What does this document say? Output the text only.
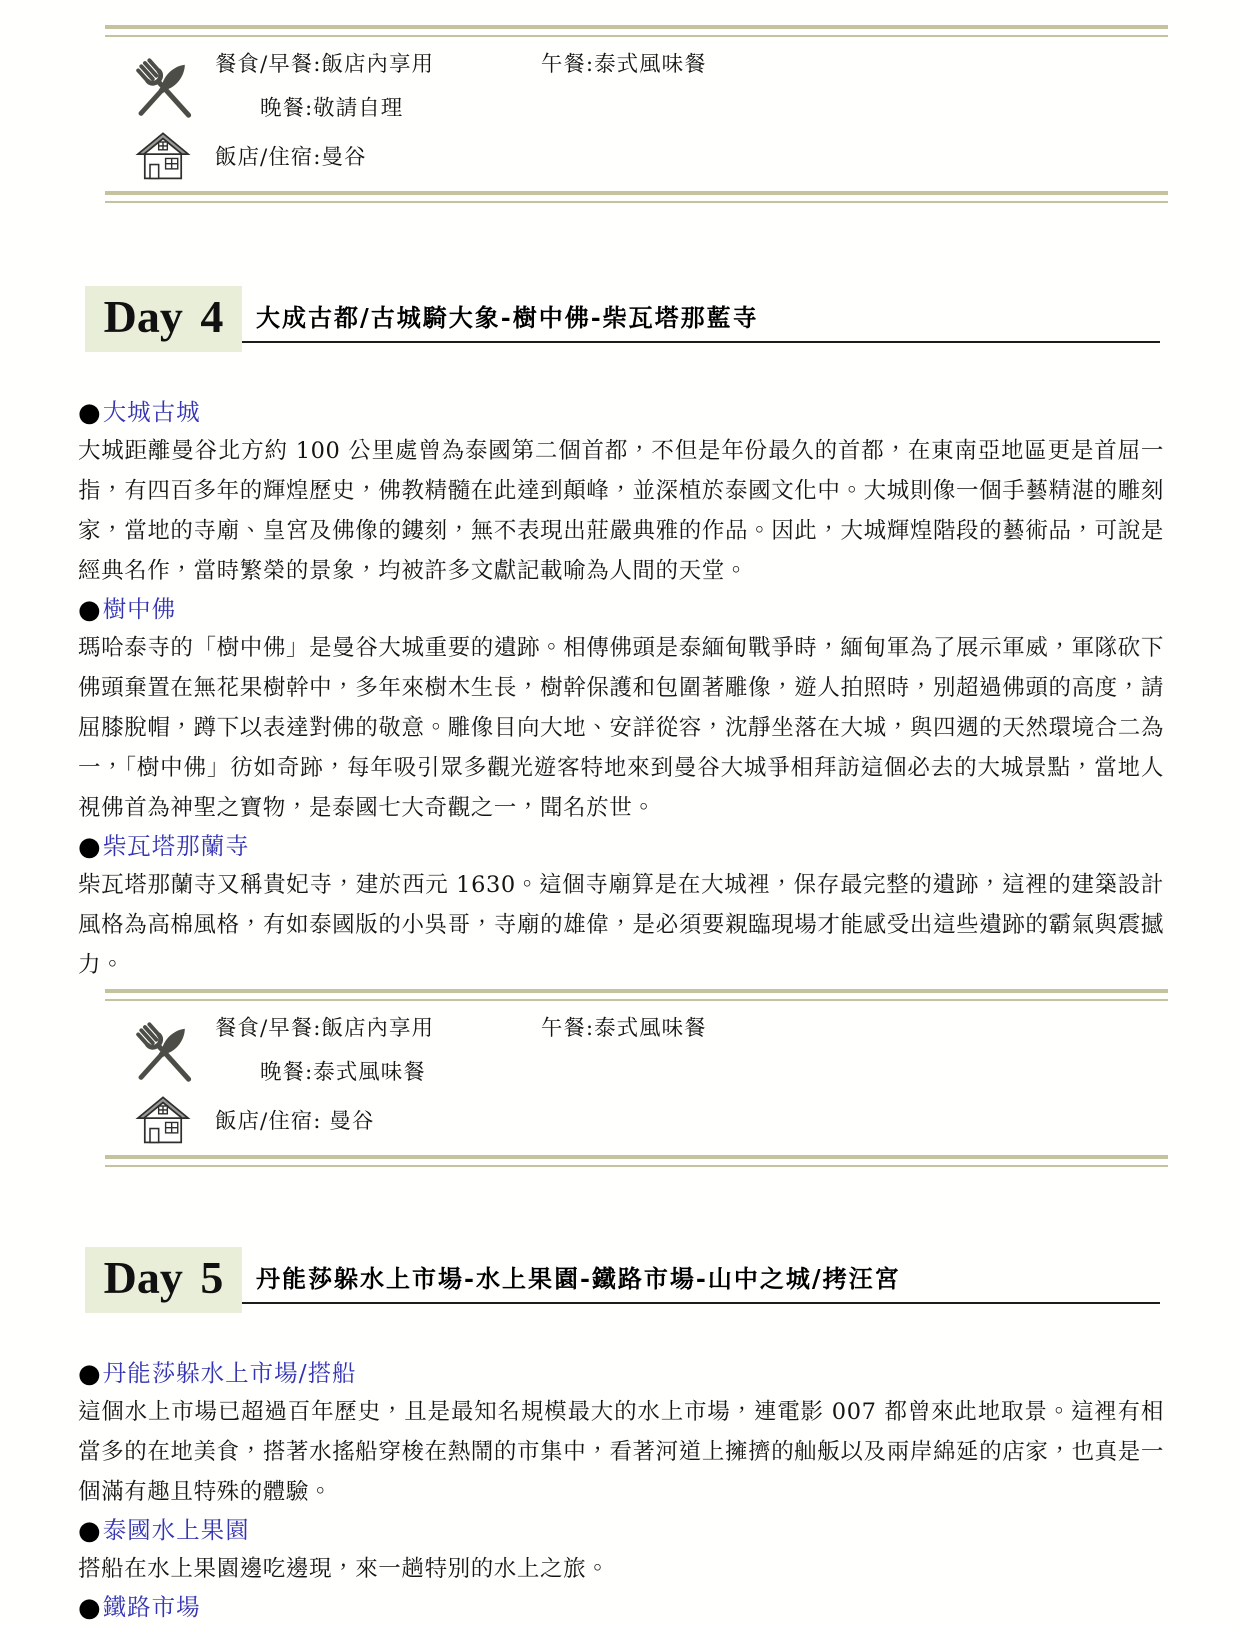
餐食/早餐:飯店內享用	午餐:泰式風味餐
晚餐:敬請自理
飯店/住宿:曼谷
Day 4	大成古都/古城騎大象-樹中佛-柴瓦塔那藍寺
●大城古城

大城距離曼谷北方約 100 公里處曾為泰國第二個首都，不但是年份最久的首都，在東南亞地區更是首屈一指，有四百多年的輝煌歷史，佛教精髓在此達到顛峰，並深植於泰國文化中。大城則像一個手藝精湛的雕刻家，當地的寺廟、皇宮及佛像的鏤刻，無不表現出莊嚴典雅的作品。因此，大城輝煌階段的藝術品，可說是經典名作，當時繁榮的景象，均被許多文獻記載喻為人間的天堂。

●樹中佛

瑪哈泰寺的「樹中佛」是曼谷大城重要的遺跡。相傳佛頭是泰緬甸戰爭時，緬甸軍為了展示軍威，軍隊砍下佛頭棄置在無花果樹幹中，多年來樹木生長，樹幹保護和包圍著雕像，遊人拍照時，別超過佛頭的高度，請屈膝脫帽，蹲下以表達對佛的敬意。雕像目向大地、安詳從容，沈靜坐落在大城，與四週的天然環境合二為一，「樹中佛」彷如奇跡，每年吸引眾多觀光遊客特地來到曼谷大城爭相拜訪這個必去的大城景點，當地人視佛首為神聖之寶物，是泰國七大奇觀之一，聞名於世。

●柴瓦塔那蘭寺

柴瓦塔那蘭寺又稱貴妃寺，建於西元 1630。這個寺廟算是在大城裡，保存最完整的遺跡，這裡的建築設計風格為高棉風格，有如泰國版的小吳哥，寺廟的雄偉，是必須要親臨現場才能感受出這些遺跡的霸氣與震撼力。

餐食/早餐:飯店內享用	午餐:泰式風味餐
晚餐:泰式風味餐
飯店/住宿: 曼谷
Day 5	丹能莎躲水上市場-水上果園-鐵路市場-山中之城/拷汪宮
●丹能莎躲水上市場/搭船

這個水上市場已超過百年歷史，且是最知名規模最大的水上市場，連電影 007 都曾來此地取景。這裡有相當多的在地美食，搭著水搖船穿梭在熱鬧的市集中，看著河道上擁擠的舢舨以及兩岸綿延的店家，也真是一個滿有趣且特殊的體驗。

●泰國水上果園

搭船在水上果園邊吃邊現，來一趟特別的水上之旅。

●鐵路市場
